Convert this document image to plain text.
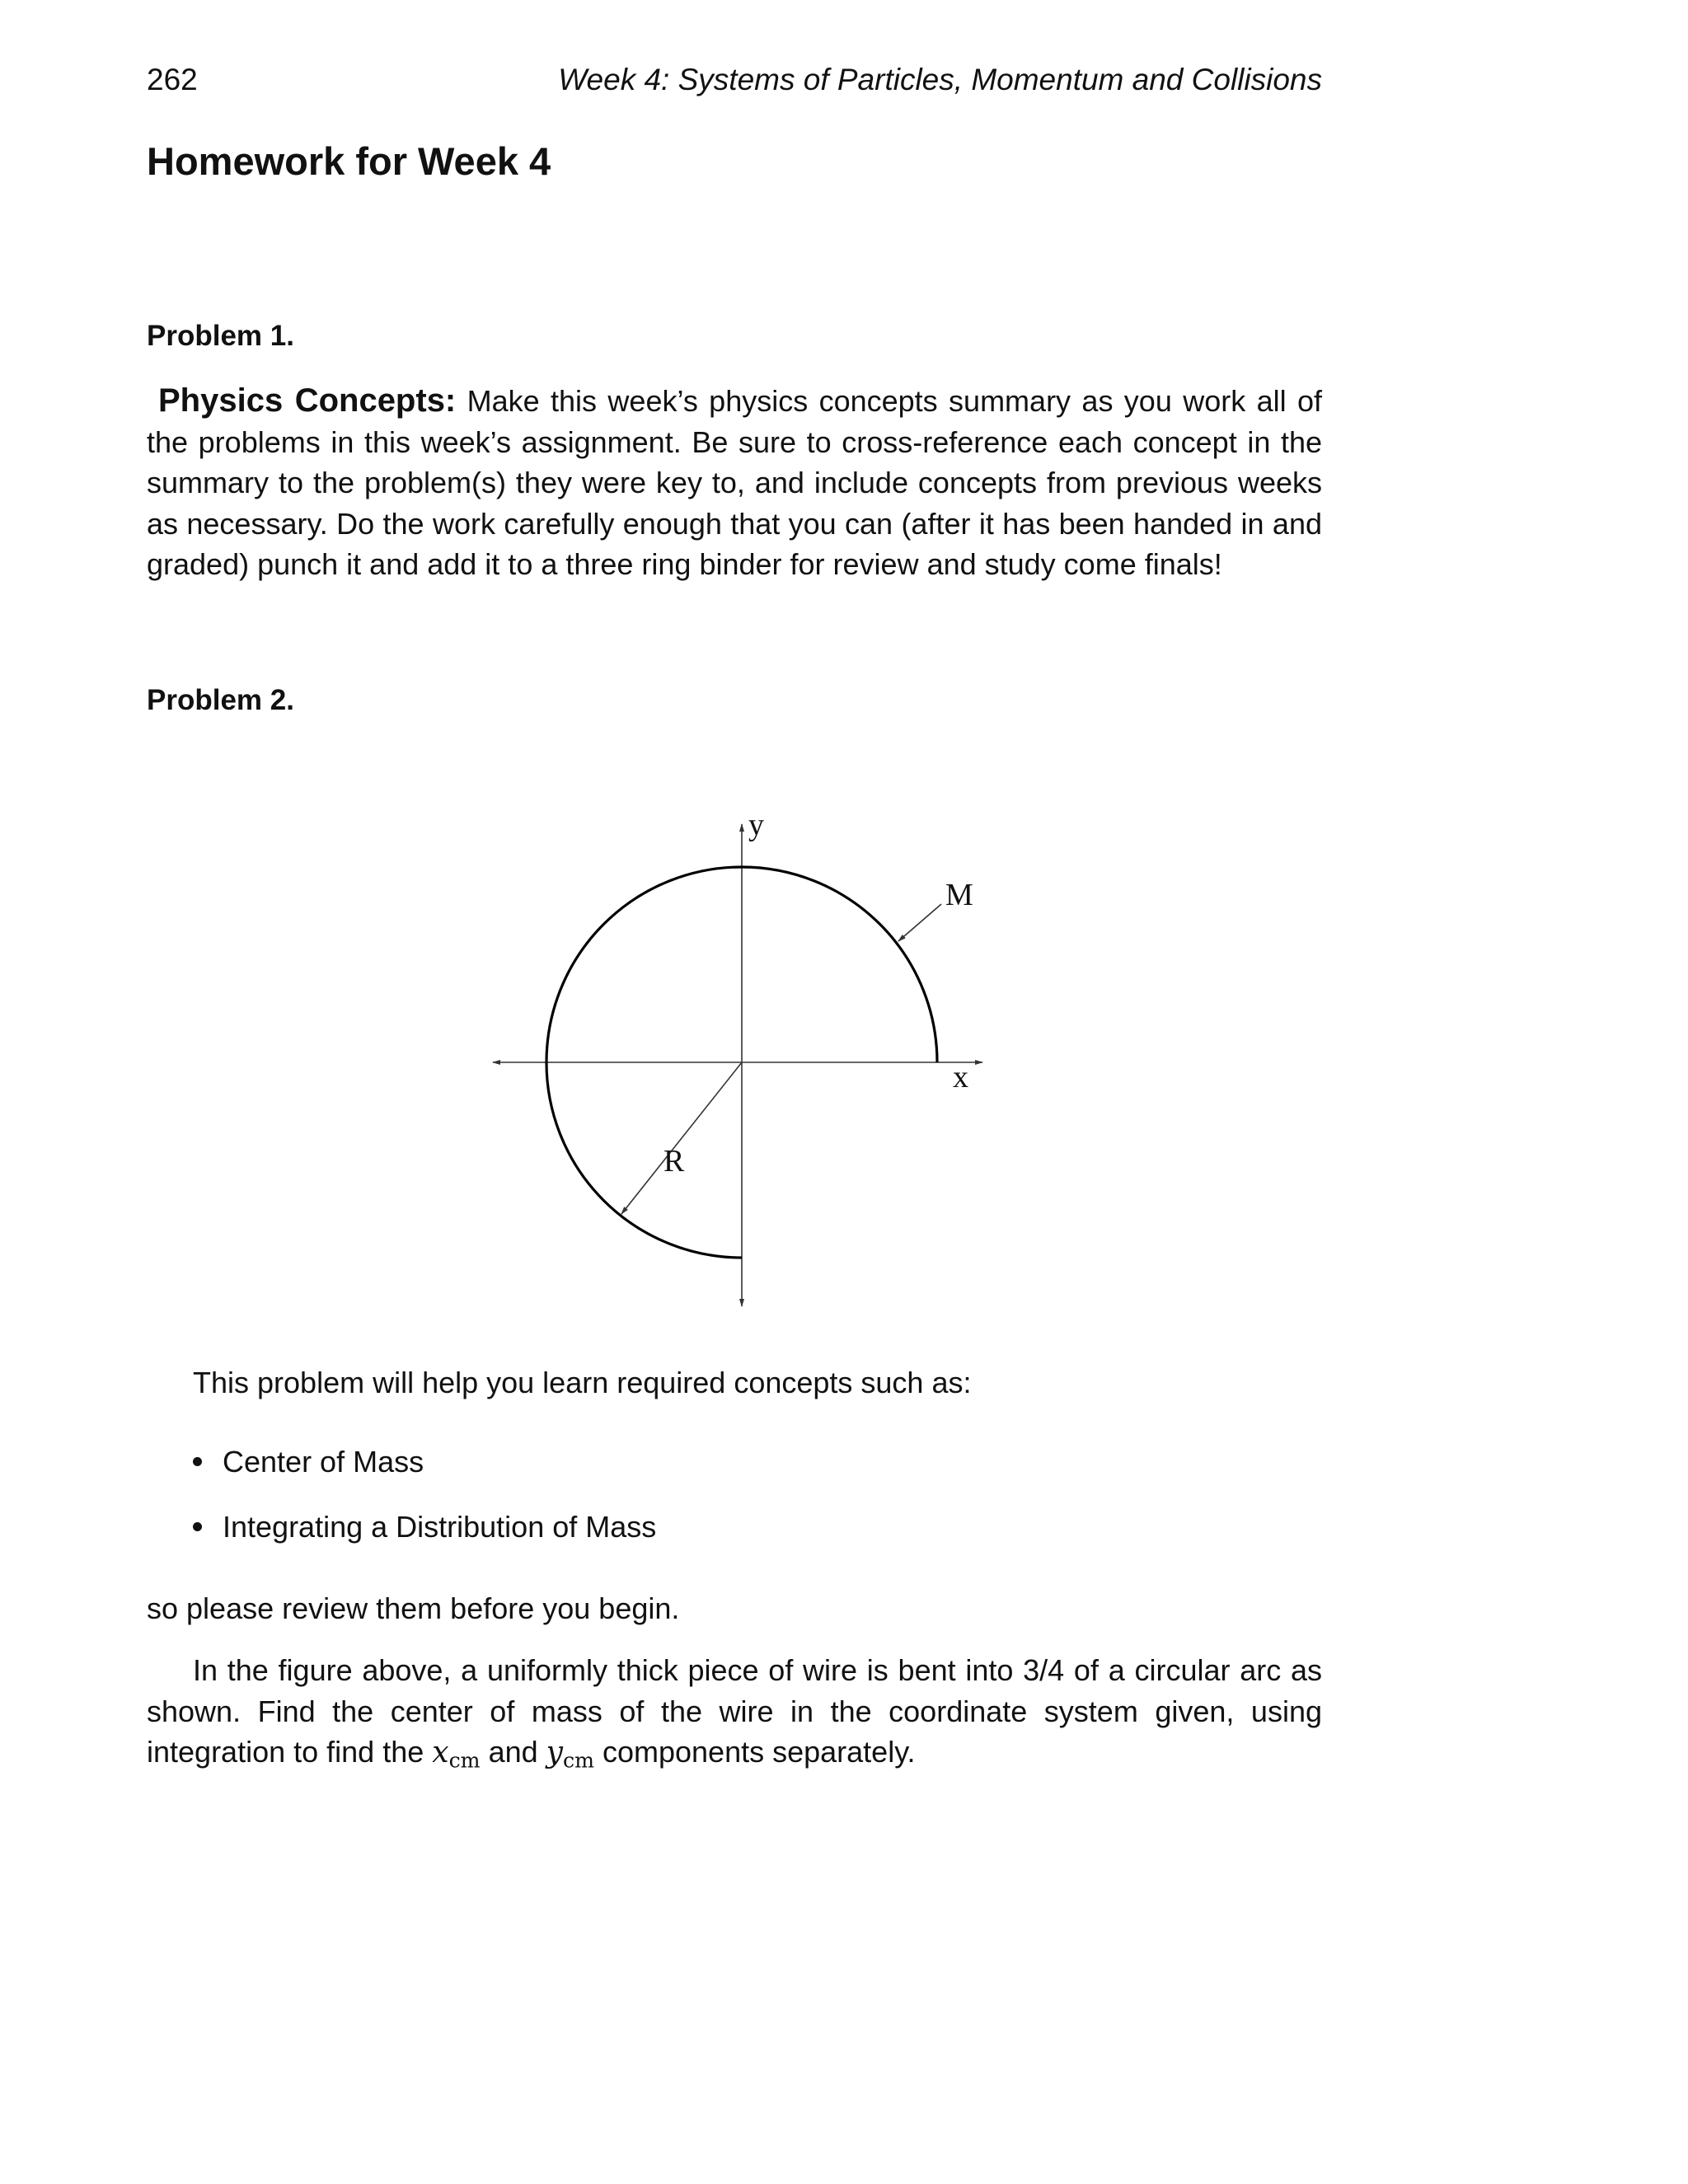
262	Week 4: Systems of Particles, Momentum and Collisions
Homework for Week 4
Problem 1.

Physics Concepts: Make this week’s physics concepts summary as you work all of the problems in this week’s assignment. Be sure to cross-reference each concept in the summary to the problem(s) they were key to, and include concepts from previous weeks as necessary. Do the work carefully enough that you can (after it has been handed in and graded) punch it and add it to a three ring binder for review and study come finals!

Problem 2.
y
x
M
R

This problem will help you learn required concepts such as:

Center of Mass
Integrating a Distribution of Mass

so please review them before you begin.

In the figure above, a uniformly thick piece of wire is bent into 3/4 of a circular arc as shown. Find the center of mass of the wire in the coordinate system given, using integration to find the $x_{cm}$ and $y_{cm}$ components separately.
